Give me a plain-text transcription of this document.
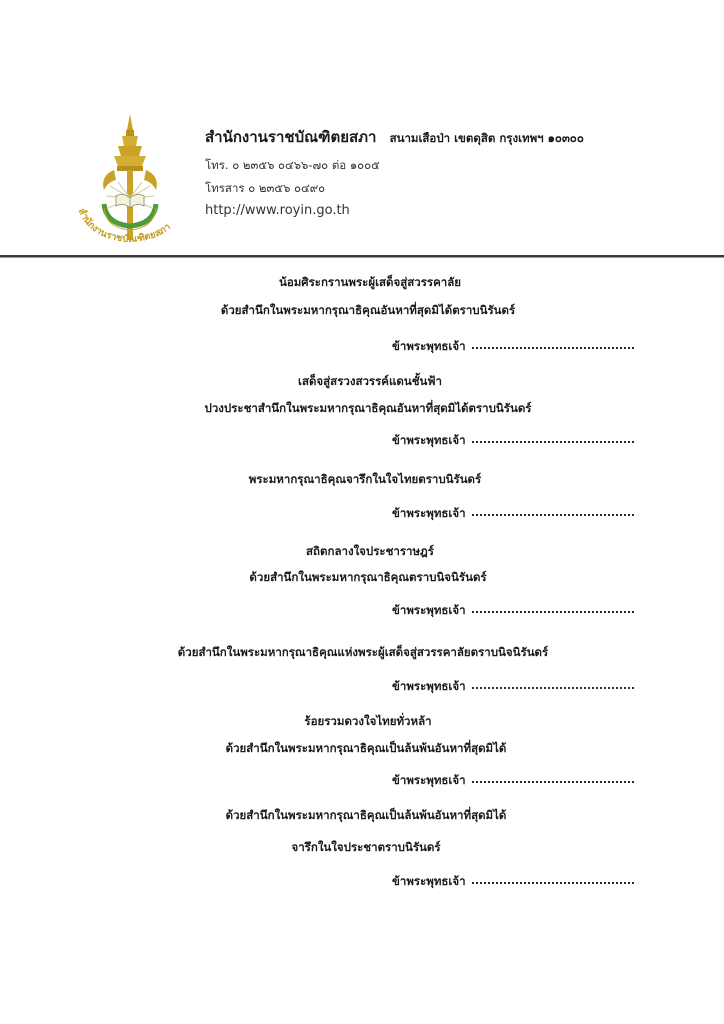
สำนักงานราชบัณฑิตยสภา
สำนักงานราชบัณฑิตยสภา สนามเสือป่า เขตดุสิต กรุงเทพฯ ๑๐๓๐๐
โทร. ๐ ๒๓๕๖ ๐๔๖๖-๗๐ ต่อ ๑๐๐๕
โทรสาร ๐ ๒๓๕๖ ๐๔๙๐
http://www.royin.go.th
น้อมศิระกรานพระผู้เสด็จสู่สวรรคาลัย
ด้วยสำนึกในพระมหากรุณาธิคุณอันหาที่สุดมิได้ตราบนิรันดร์
ข้าพระพุทธเจ้า
เสด็จสู่สรวงสวรรค์แดนชั้นฟ้า
ปวงประชาสำนึกในพระมหากรุณาธิคุณอันหาที่สุดมิได้ตราบนิรันดร์
ข้าพระพุทธเจ้า
พระมหากรุณาธิคุณจารึกในใจไทยตราบนิรันดร์
ข้าพระพุทธเจ้า
สถิตกลางใจประชาราษฎร์
ด้วยสำนึกในพระมหากรุณาธิคุณตราบนิจนิรันดร์
ข้าพระพุทธเจ้า
ด้วยสำนึกในพระมหากรุณาธิคุณแห่งพระผู้เสด็จสู่สวรรคาลัยตราบนิจนิรันดร์
ข้าพระพุทธเจ้า
ร้อยรวมดวงใจไทยทั่วหล้า
ด้วยสำนึกในพระมหากรุณาธิคุณเป็นล้นพ้นอันหาที่สุดมิได้
ข้าพระพุทธเจ้า
ด้วยสำนึกในพระมหากรุณาธิคุณเป็นล้นพ้นอันหาที่สุดมิได้
จารึกในใจประชาตราบนิรันดร์
ข้าพระพุทธเจ้า
